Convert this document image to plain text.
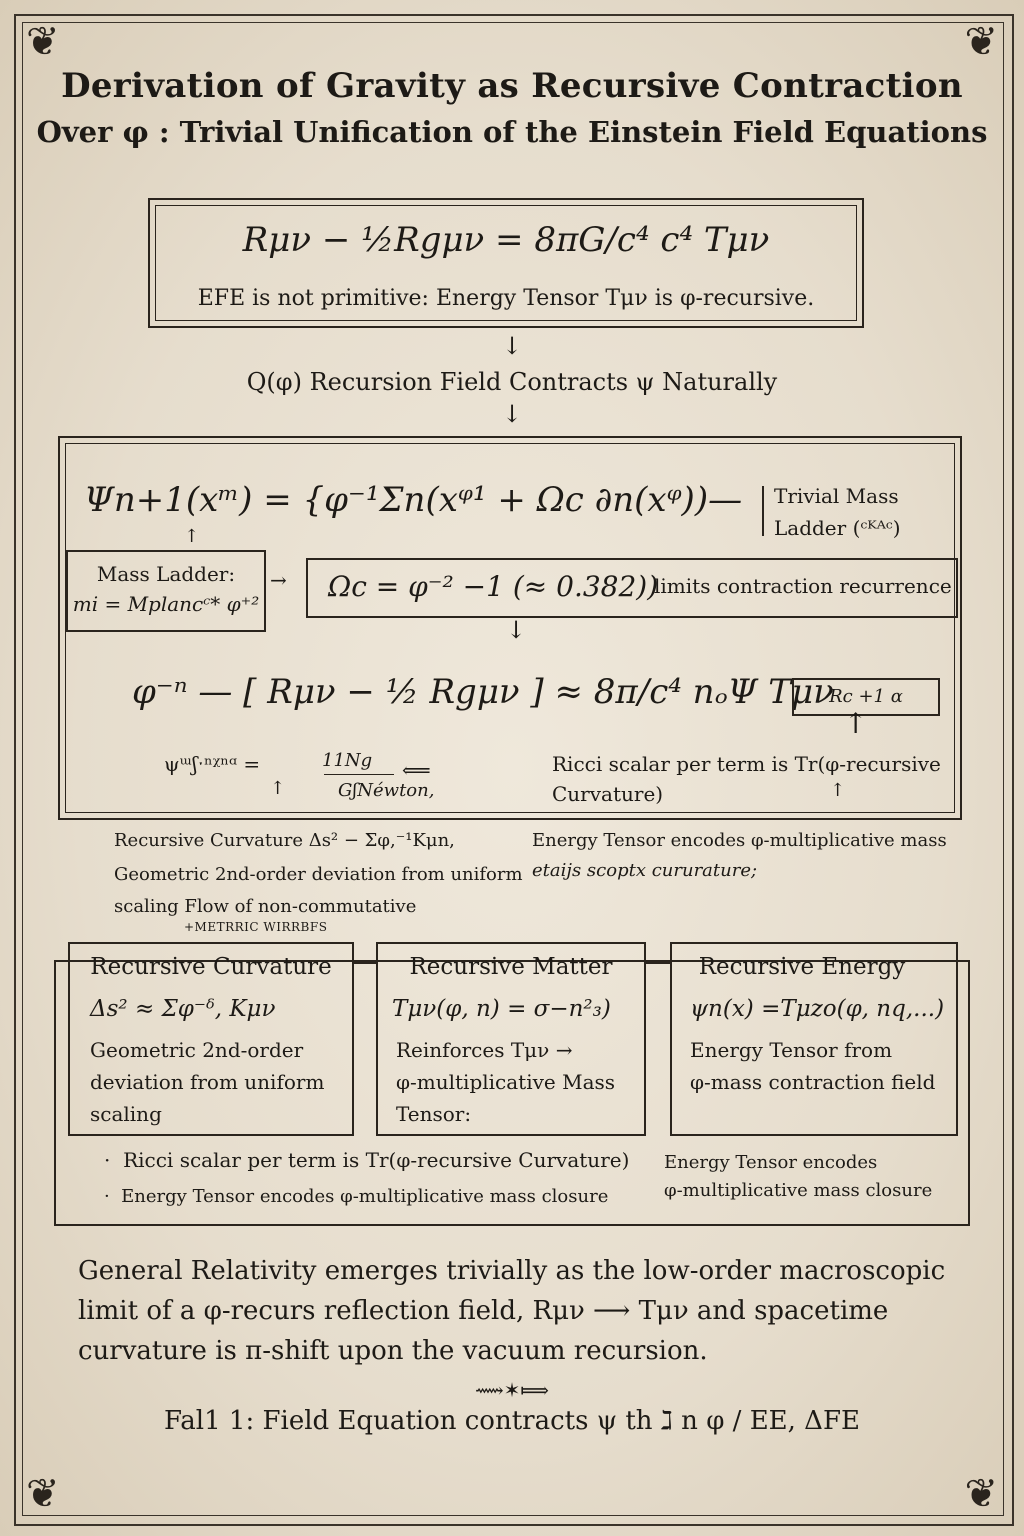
❦	❦
❦	❦
Derivation of Gravity as Recursive Contraction
Over φ : Trivial Unification of the Einstein Field Equations
Rμν − ½Rgμν = 8πG/c⁴ c⁴ Tμν
EFE is not primitive: Energy Tensor Tμν is φ-recursive.
↓
Q(φ) Recursion Field Contracts ψ Naturally
↓
Ψn+1(xᵐ) = {φ⁻¹Σn(xᵠ¹ + Ωc ∂n(xᵠ))— Trivial Mass
Ladder (ᶜᴷᴬᶜ)
↑
Mass Ladder:
mi = Mplancᶜ* φ⁺²
→ Ωc = φ⁻² −1 (≈ 0.382))
limits contraction recurrence
↓
φ⁻ⁿ — [ Rμν − ½ Rgμν ] ≈ 8π/c⁴ nₒΨ Tμν
Rc +1 α
↑
ψᵚʃˑⁿᵡⁿᵅ =	11Ng
GʃNéwton,
⟸
↑
Ricci scalar per term is Tr(φ-recursive
Curvature)	↑
Recursive Curvature Δs² − Σφ,⁻¹Kμn,
Geometric 2nd-order deviation from uniform
scaling Flow of non-commutative
+METRRIC WIRRBFS
Energy Tensor encodes φ-multiplicative mass
etaijs scoptx cururature;
Recursive Curvature
Δs² ≈ Σφ⁻ᵟ, Kμν
Geometric 2nd-order
deviation from uniform
scaling
Recursive Matter
Tμν(φ, n) = σ−n²₃)
Reinforces Tμν →
φ-multiplicative Mass
Tensor:
Recursive Energy
ψn(x) =Tμzo(φ, nq,...)
Energy Tensor from
φ-mass contraction field
·  Ricci scalar per term is Tr(φ-recursive Curvature)
·  Energy Tensor encodes φ-multiplicative mass closure
Energy Tensor encodes
φ-multiplicative mass closure
General Relativity emerges trivially as the low-order macroscopic
limit of a φ-recurs reflection field, Rμν ⟶ Tμν and spacetime
curvature is π-shift upon the vacuum recursion.
⟿✶⟾
Fal1 1: Field Equation contracts ψ th ℷ n φ / EE, ΔFE
